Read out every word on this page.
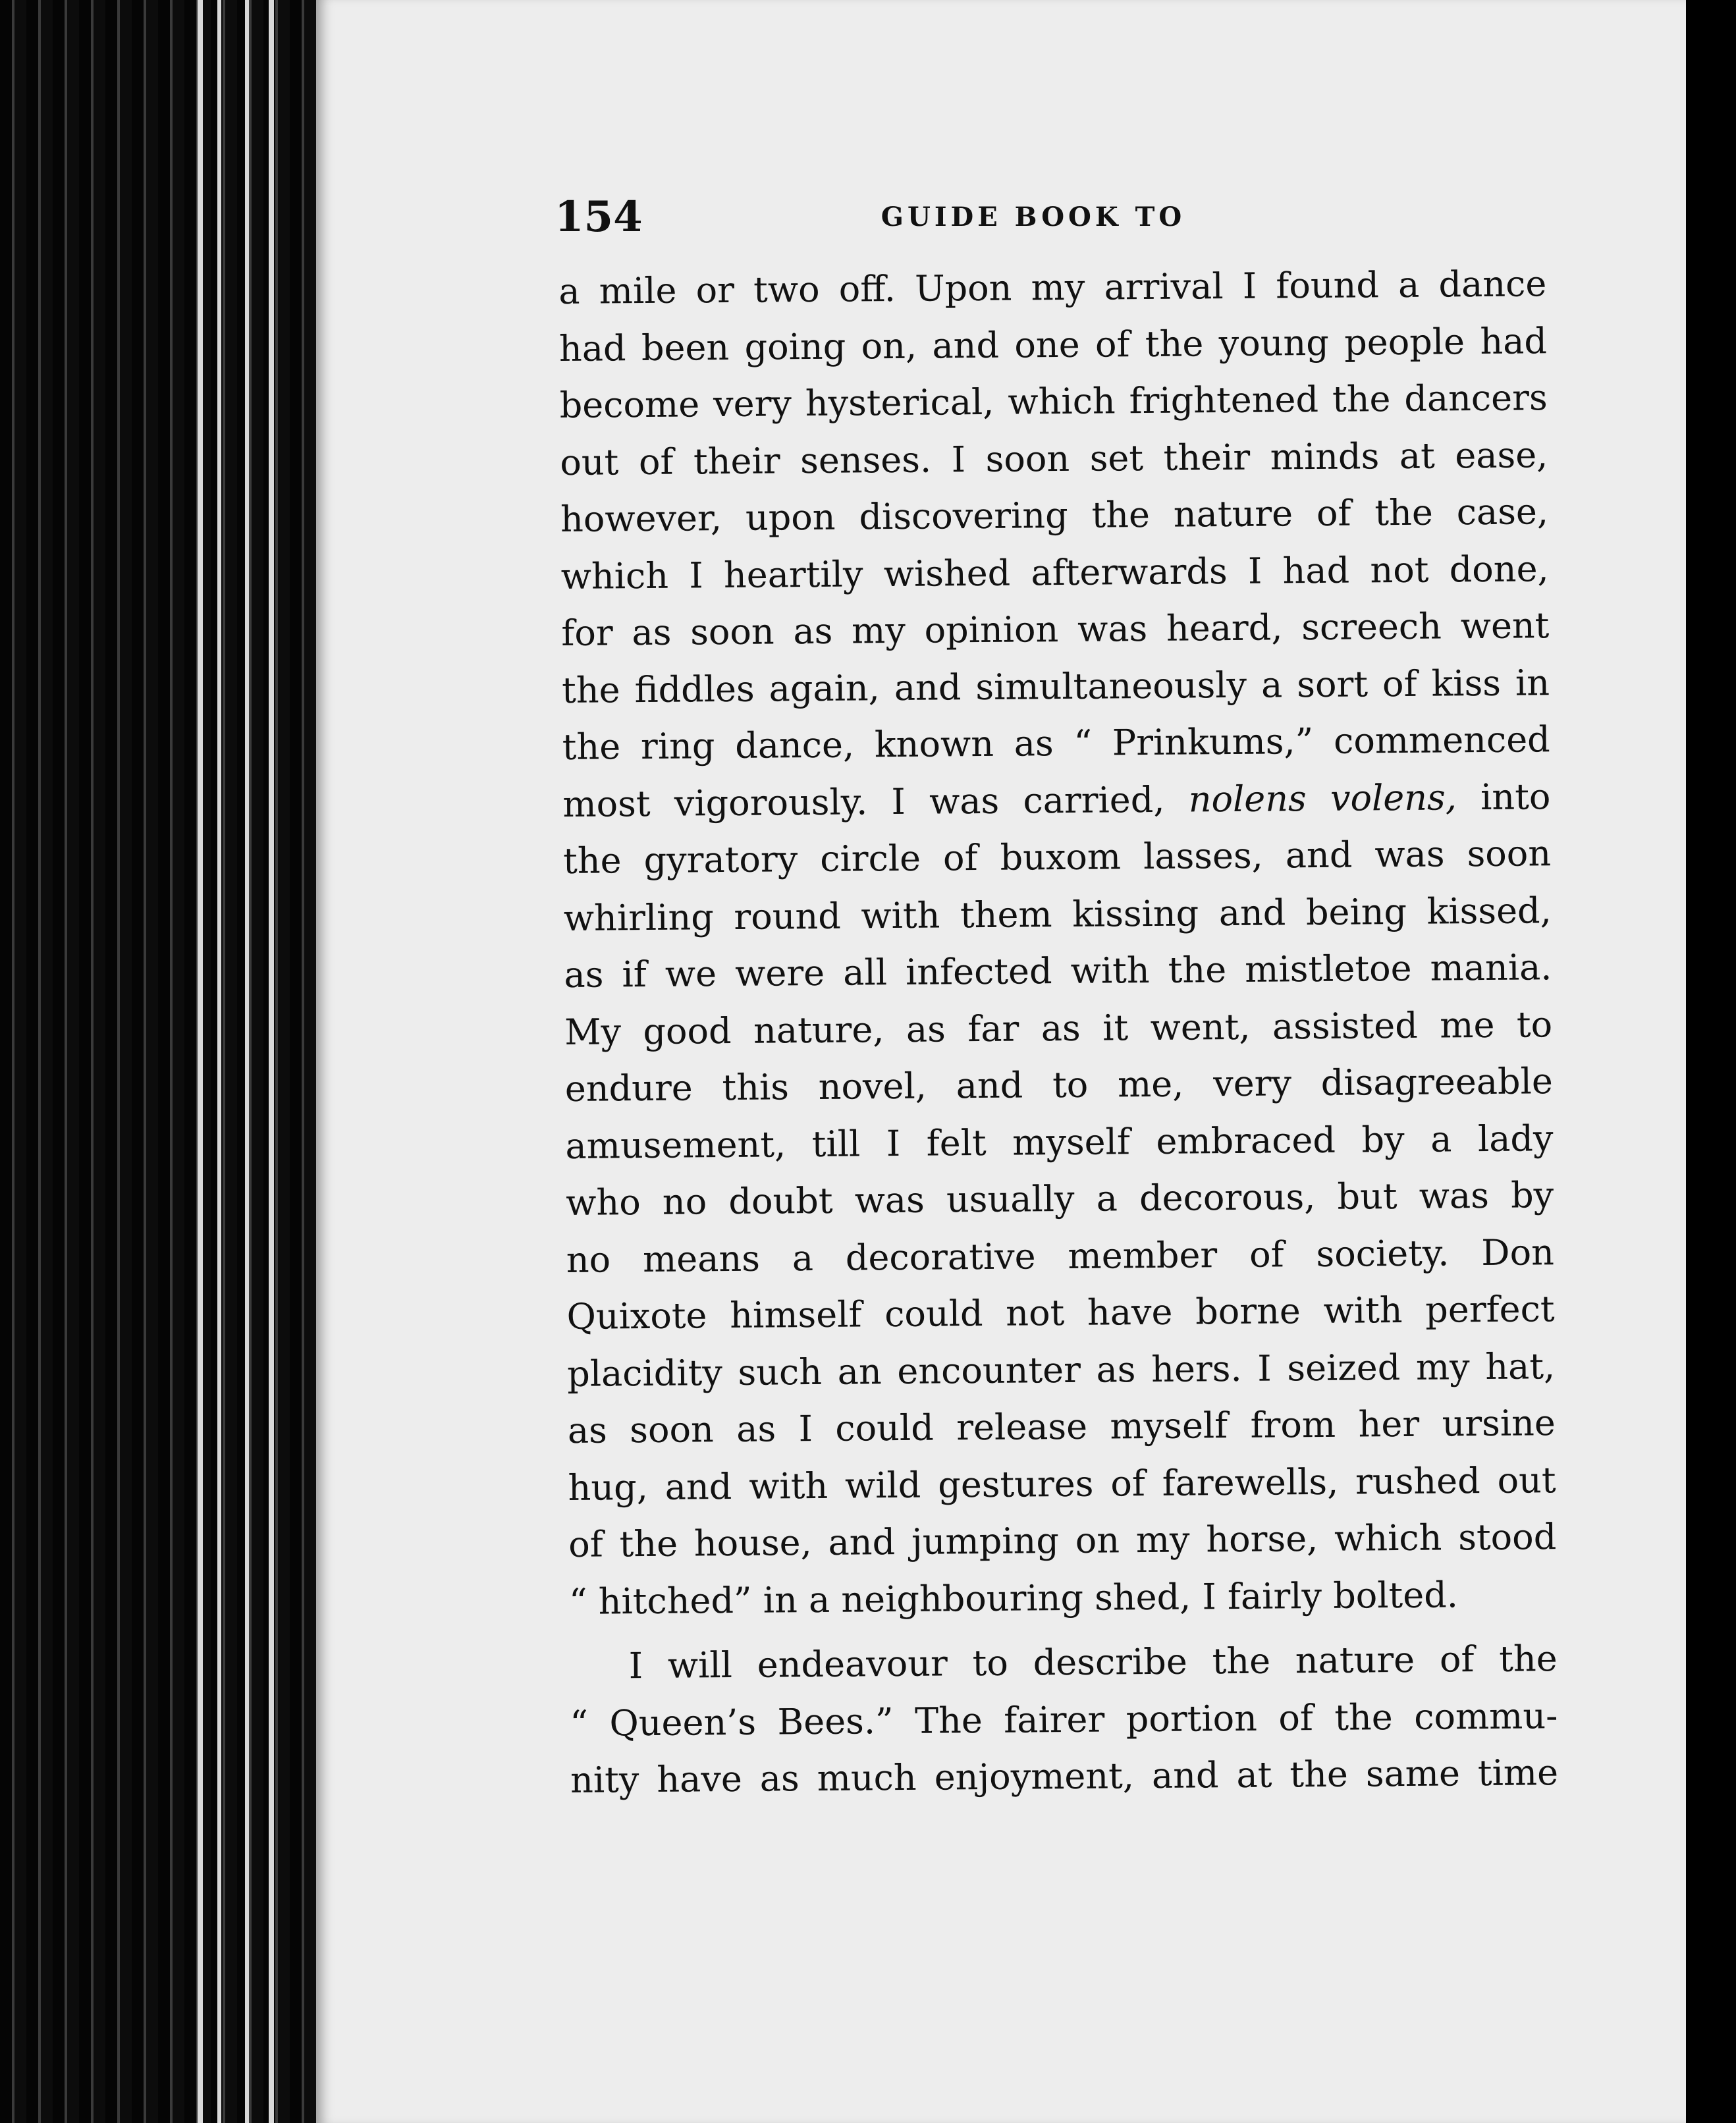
154	GUIDE BOOK TO
a mile or two off. Upon my arrival I found a dance
had been going on, and one of the young people had
become very hysterical, which frightened the dancers
out of their senses. I soon set their minds at ease,
however, upon discovering the nature of the case,
which I heartily wished afterwards I had not done,
for as soon as my opinion was heard, screech went
the fiddles again, and simultaneously a sort of kiss in
the ring dance, known as “ Prinkums,” commenced
most vigorously. I was carried, nolens volens, into
the gyratory circle of buxom lasses, and was soon
whirling round with them kissing and being kissed,
as if we were all infected with the mistletoe mania.
My good nature, as far as it went, assisted me to
endure this novel, and to me, very disagreeable
amusement, till I felt myself embraced by a lady
who no doubt was usually a decorous, but was by
no means a decorative member of society. Don
Quixote himself could not have borne with perfect
placidity such an encounter as hers. I seized my hat,
as soon as I could release myself from her ursine
hug, and with wild gestures of farewells, rushed out
of the house, and jumping on my horse, which stood
“ hitched” in a neighbouring shed, I fairly bolted.
I will endeavour to describe the nature of the
“ Queen’s Bees.” The fairer portion of the commu-
nity have as much enjoyment, and at the same time
